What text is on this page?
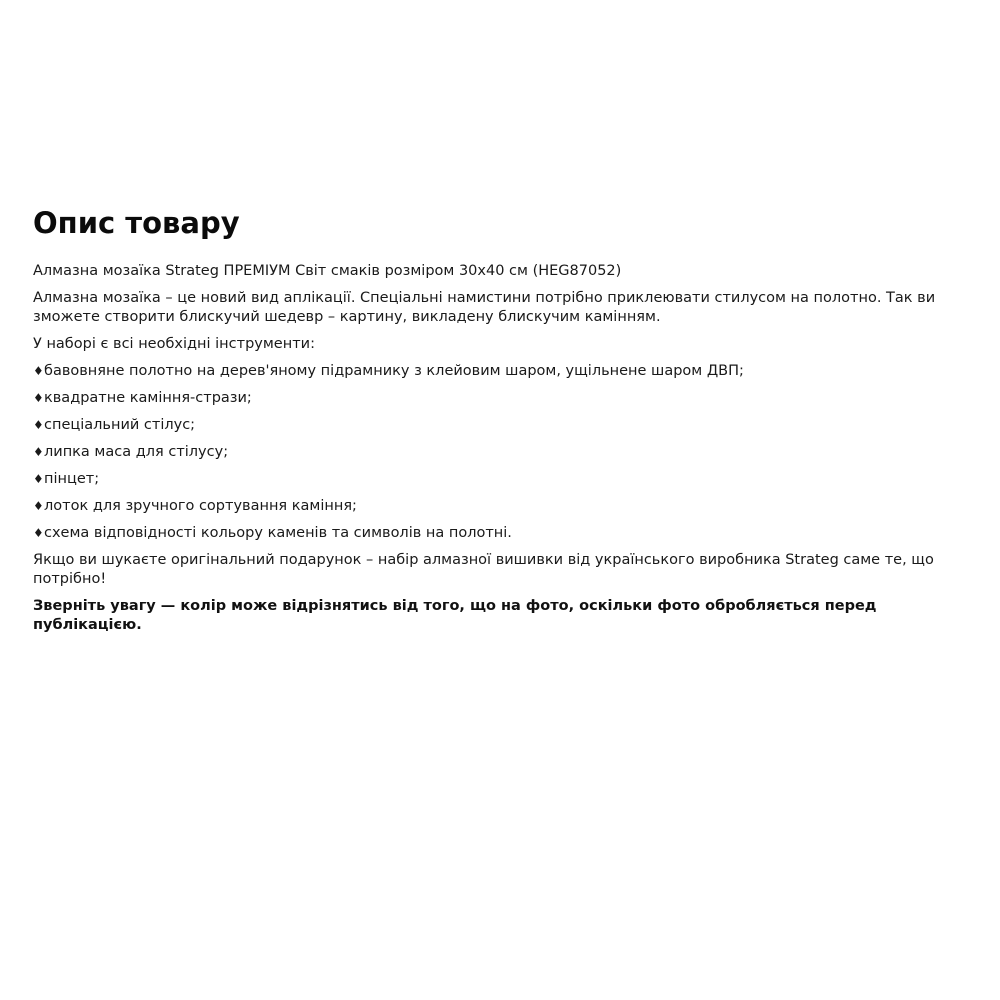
Опис товару

Алмазна мозаїка Strateg ПРЕМІУМ Світ смаків розміром 30х40 см (HEG87052)

Алмазна мозаїка – це новий вид аплікації. Спеціальні намистини потрібно приклеювати стилусом на полотно. Так ви зможете створити блискучий шедевр – картину, викладену блискучим камінням.

У наборі є всі необхідні інструменти:

♦ бавовняне полотно на дерев'яному підрамнику з клейовим шаром, ущільнене шаром ДВП;
♦ квадратне каміння-стрази;
♦ спеціальний стілус;
♦ липка маса для стілусу;
♦ пінцет;
♦ лоток для зручного сортування каміння;
♦ схема відповідності кольору каменів та символів на полотні.

Якщо ви шукаєте оригінальний подарунок – набір алмазної вишивки від українського виробника Strateg саме те, що потрібно!

Зверніть увагу — колір може відрізнятись від того, що на фото, оскільки фото обробляється перед публікацією.
